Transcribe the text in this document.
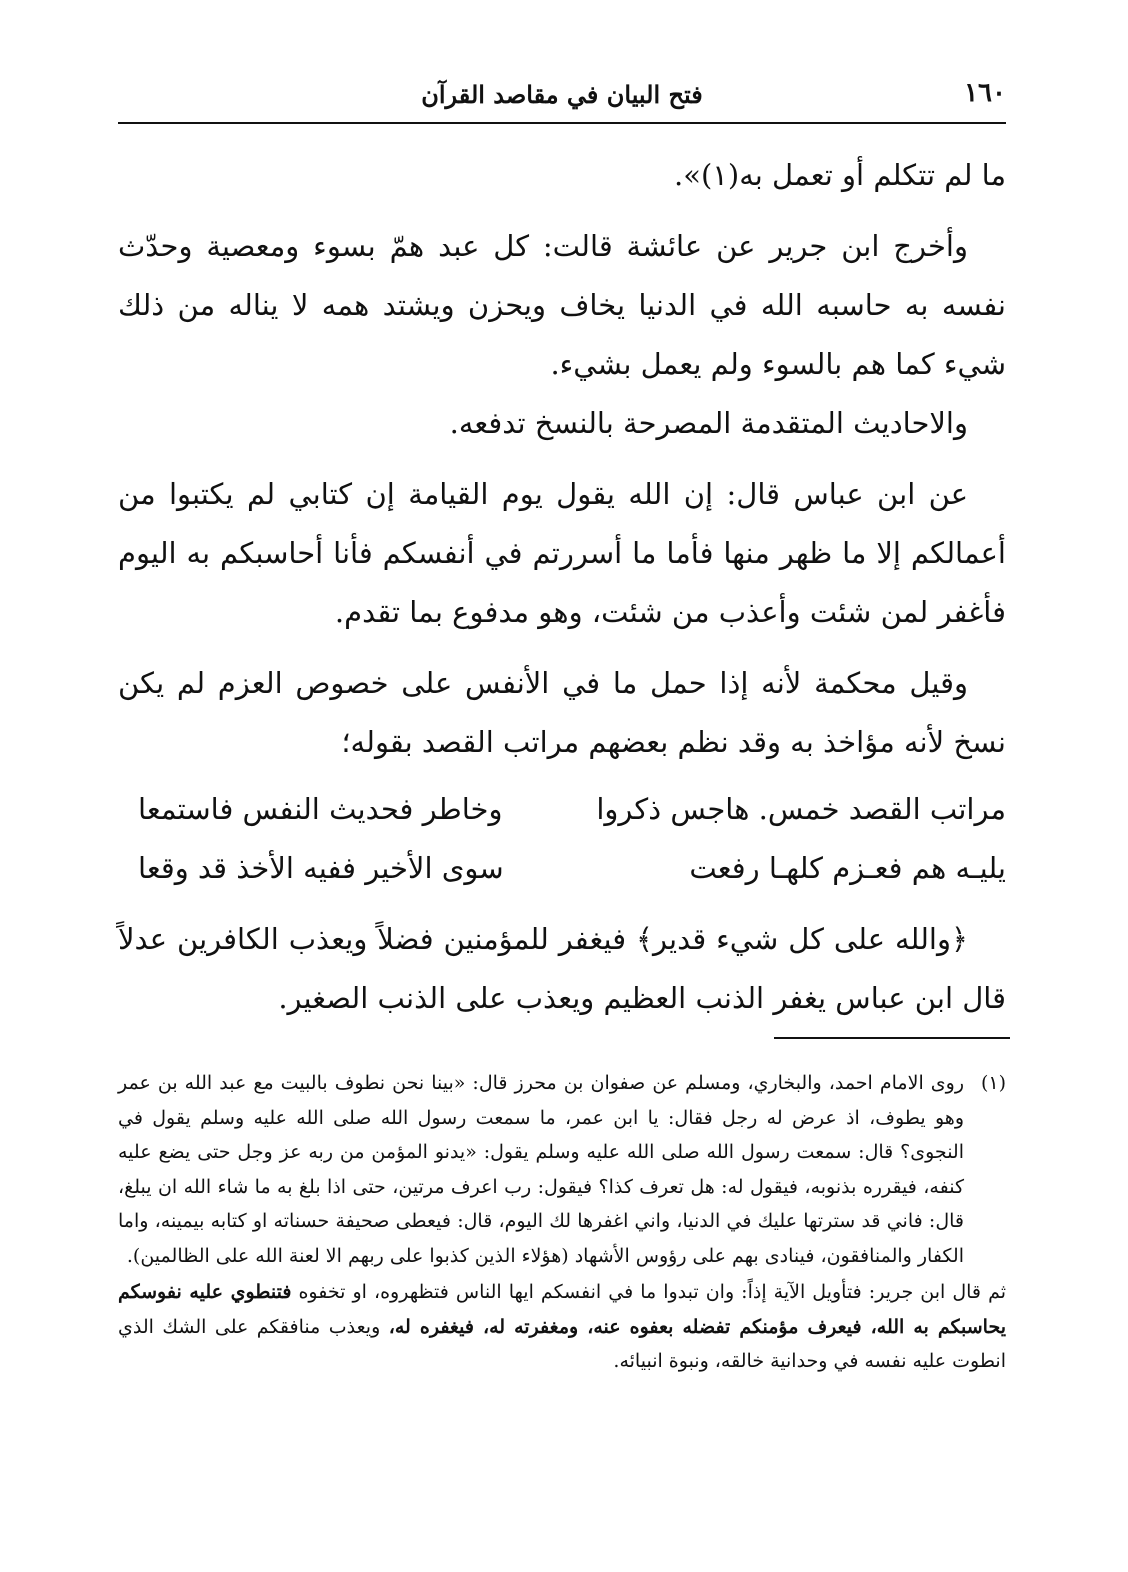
١٦٠
فتح البيان في مقاصد القرآن

ما لم تتكلم أو تعمل به(١)».

وأخرج ابن جرير عن عائشة قالت: كل عبد همّ بسوء ومعصية وحدّث نفسه به حاسبه الله في الدنيا يخاف ويحزن ويشتد همه لا يناله من ذلك شيء كما هم بالسوء ولم يعمل بشيء.

والاحاديث المتقدمة المصرحة بالنسخ تدفعه.

عن ابن عباس قال: إن الله يقول يوم القيامة إن كتابي لم يكتبوا من أعمالكم إلا ما ظهر منها فأما ما أسررتم في أنفسكم فأنا أحاسبكم به اليوم فأغفر لمن شئت وأعذب من شئت، وهو مدفوع بما تقدم.

وقيل محكمة لأنه إذا حمل ما في الأنفس على خصوص العزم لم يكن نسخ لأنه مؤاخذ به وقد نظم بعضهم مراتب القصد بقوله؛

مراتب القصد خمس. هاجس ذكروا
وخاطر فحديث النفس فاستمعا
يليـه هم فعـزم كلهـا رفعت
سوى الأخير ففيه الأخذ قد وقعا

﴿والله على كل شيء قدير﴾ فيغفر للمؤمنين فضلاً ويعذب الكافرين عدلاً قال ابن عباس يغفر الذنب العظيم ويعذب على الذنب الصغير.

(١)
روى الامام احمد، والبخاري، ومسلم عن صفوان بن محرز قال: «بينا نحن نطوف بالبيت مع عبد الله بن عمر وهو يطوف، اذ عرض له رجل فقال: يا ابن عمر، ما سمعت رسول الله صلى الله عليه وسلم يقول في النجوى؟ قال: سمعت رسول الله صلى الله عليه وسلم يقول: «يدنو المؤمن من ربه عز وجل حتى يضع عليه كنفه، فيقرره بذنوبه، فيقول له: هل تعرف كذا؟ فيقول: رب اعرف مرتين، حتى اذا بلغ به ما شاء الله ان يبلغ، قال: فاني قد سترتها عليك في الدنيا، واني اغفرها لك اليوم، قال: فيعطى صحيفة حسناته او كتابه بيمينه، واما الكفار والمنافقون، فينادى بهم على رؤوس الأشهاد (هؤلاء الذين كذبوا على ربهم الا لعنة الله على الظالمين).

ثم قال ابن جرير: فتأويل الآية إذاً: وان تبدوا ما في انفسكم ايها الناس فتظهروه، او تخفوه فتنطوي عليه نفوسكم يحاسبكم به الله، فيعرف مؤمنكم تفضله بعفوه عنه، ومغفرته له، فيغفره له، ويعذب منافقكم على الشك الذي انطوت عليه نفسه في وحدانية خالقه، ونبوة انبيائه.
